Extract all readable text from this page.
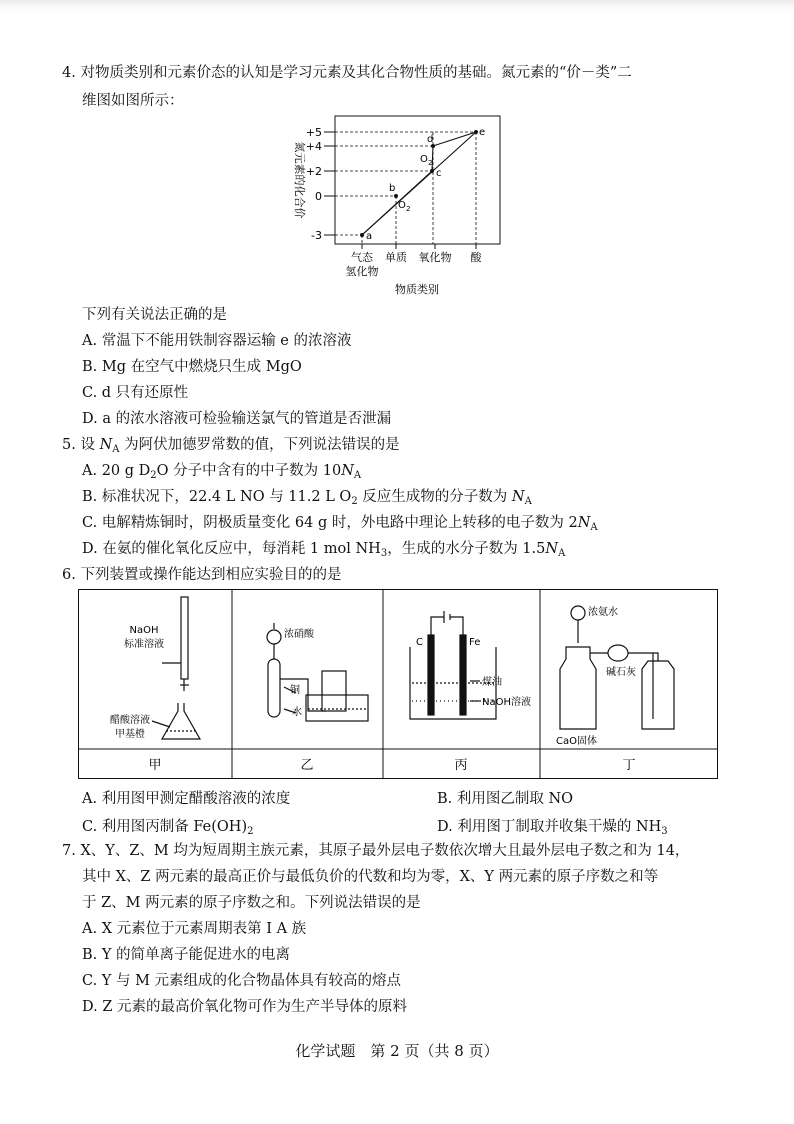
4. 对物质类别和元素价态的认知是学习元素及其化合物性质的基础。氮元素的“价－类”二
维图如图所示：
氮元素的化合价
+5
+4
+2
0
-3	a
b
c
d
e
O 2
O 2
气态
氢化物
单质 氧化物 酸
物质类别
下列有关说法正确的是
A. 常温下不能用铁制容器运输 e 的浓溶液
B. Mg 在空气中燃烧只生成 MgO
C. d 只有还原性
D. a 的浓水溶液可检验输送氯气的管道是否泄漏
5. 设 $N_A$ 为阿伏加德罗常数的值，下列说法错误的是
A. 20 g $D_2O$ 分子中含有的中子数为 $10N_A$
B. 标准状况下，22.4 L NO 与 11.2 L $O_2$ 反应生成物的分子数为 $N_A$
C. 电解精炼铜时，阴极质量变化 64 g 时，外电路中理论上转移的电子数为 $2N_A$
D. 在氨的催化氧化反应中，每消耗 1 mol $NH_3$，生成的水分子数为 $1.5N_A$
6. 下列装置或操作能达到相应实验目的的是
甲	乙	丙	丁
NaOH
标准溶液
醋酸溶液
甲基橙
浓硝酸
铜
水
C	Fe
煤油
NaOH溶液
浓氨水
碱石灰
CaO固体
A. 利用图甲测定醋酸溶液的浓度	B. 利用图乙制取 NO
C. 利用图丙制备 $Fe(OH)_2$	D. 利用图丁制取并收集干燥的 $NH_3$
7. X、Y、Z、M 均为短周期主族元素，其原子最外层电子数依次增大且最外层电子数之和为 14，
其中 X、Z 两元素的最高正价与最低负价的代数和均为零，X、Y 两元素的原子序数之和等
于 Z、M 两元素的原子序数之和。下列说法错误的是
A. X 元素位于元素周期表第 Ⅰ A 族
B. Y 的简单离子能促进水的电离
C. Y 与 M 元素组成的化合物晶体具有较高的熔点
D. Z 元素的最高价氧化物可作为生产半导体的原料
化学试题　第 2 页（共 8 页）
